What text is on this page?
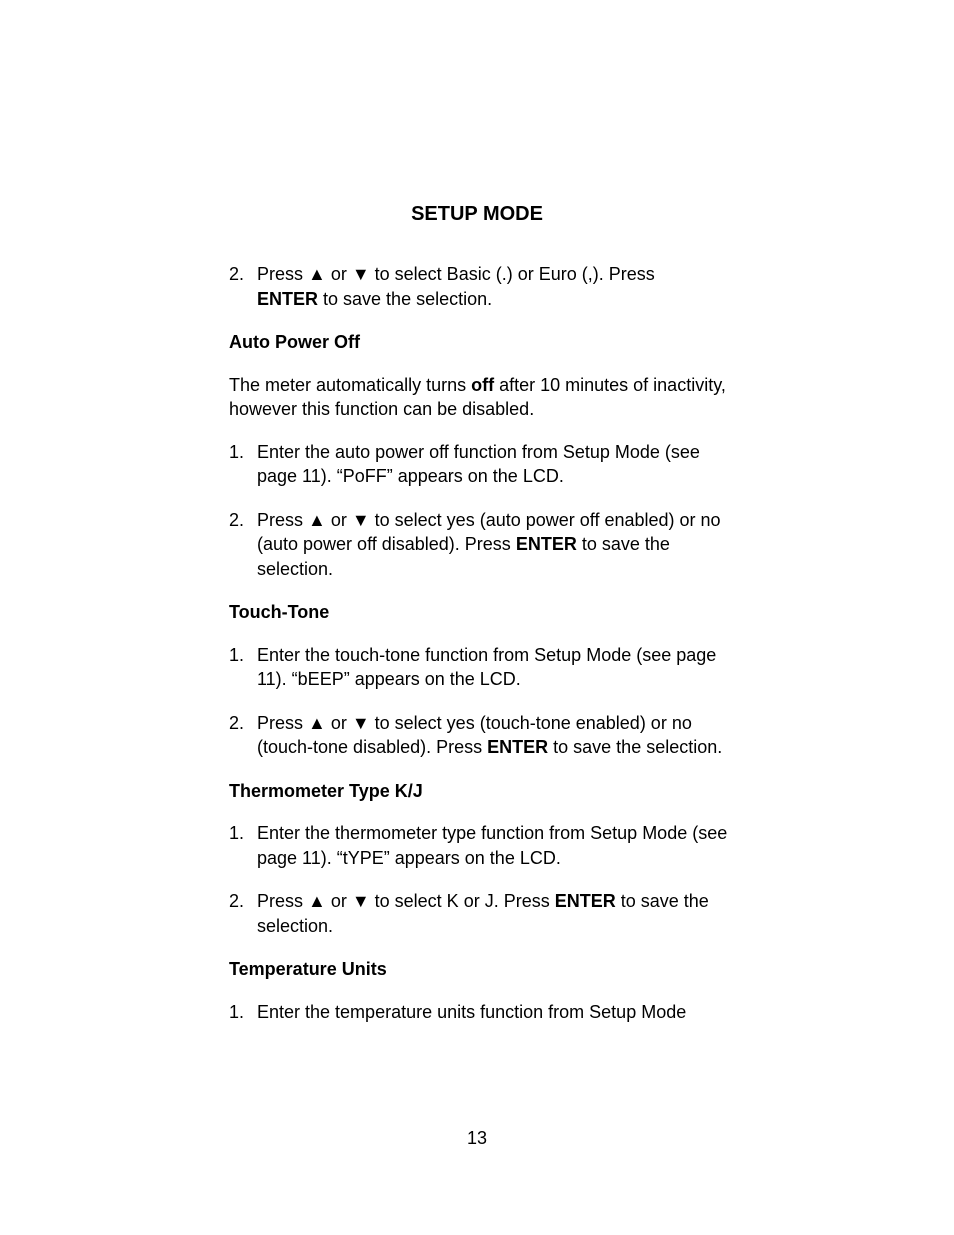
SETUP MODE
2. Press ▲ or ▼ to select Basic (.) or Euro (,). Press
ENTER to save the selection.
Auto Power Off
The meter automatically turns off after 10 minutes of inactivity, however this function can be disabled.
1. Enter the auto power off function from Setup Mode (see page 11). “PoFF” appears on the LCD.
2. Press ▲ or ▼ to select yes (auto power off enabled) or no (auto power off disabled). Press ENTER to save the selection.
Touch-Tone
1. Enter the touch-tone function from Setup Mode (see page 11). “bEEP” appears on the LCD.
2. Press ▲ or ▼ to select yes (touch-tone enabled) or no (touch-tone disabled). Press ENTER to save the selection.
Thermometer Type K/J
1. Enter the thermometer type function from Setup Mode (see page 11). “tYPE” appears on the LCD.
2. Press ▲ or ▼ to select K or J. Press ENTER to save the selection.
Temperature Units
1. Enter the temperature units function from Setup Mode
13
